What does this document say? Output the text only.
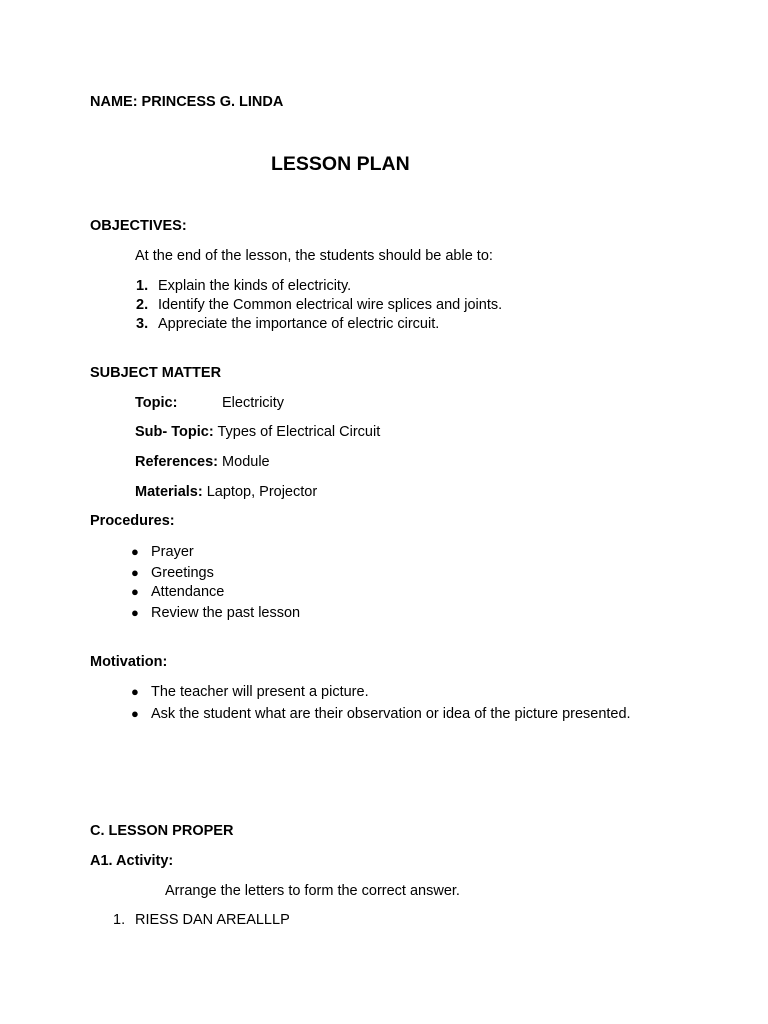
NAME: PRINCESS G. LINDA
LESSON PLAN
OBJECTIVES:
At the end of the lesson, the students should be able to:
1. Explain the kinds of electricity.
2. Identify the Common electrical wire splices and joints.
3. Appreciate the importance of electric circuit.
SUBJECT MATTER
Topic:	Electricity
Sub- Topic: Types of Electrical Circuit
References: Module
Materials: Laptop, Projector
Procedures:
● Prayer
● Greetings
● Attendance
● Review the past lesson
Motivation:
● The teacher will present a picture.
● Ask the student what are their observation or idea of the picture presented.
C. LESSON PROPER
A1. Activity:
Arrange the letters to form the correct answer.
1. RIESS DAN AREALLLP
